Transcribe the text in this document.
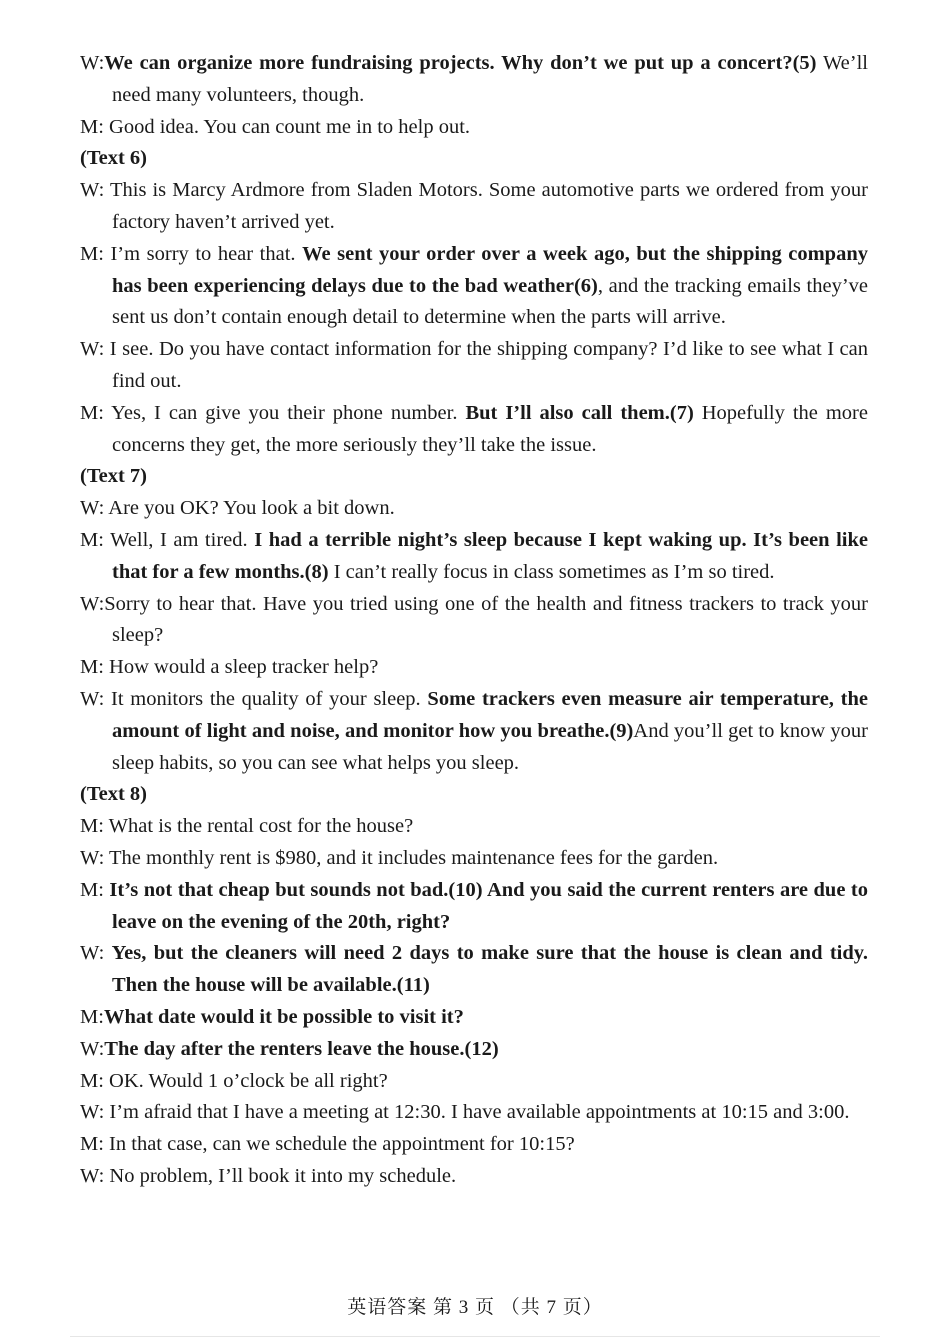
W:We can organize more fundraising projects. Why don’t we put up a concert?(5) We’ll need many volunteers, though.

M: Good idea. You can count me in to help out.

(Text 6)

W: This is Marcy Ardmore from Sladen Motors. Some automotive parts we ordered from your factory haven’t arrived yet.

M: I’m sorry to hear that. We sent your order over a week ago, but the shipping company has been experiencing delays due to the bad weather(6), and the tracking emails they’ve sent us don’t contain enough detail to determine when the parts will arrive.

W: I see. Do you have contact information for the shipping company? I’d like to see what I can find out.

M: Yes, I can give you their phone number. But I’ll also call them.(7) Hopefully the more concerns they get, the more seriously they’ll take the issue.

(Text 7)

W: Are you OK? You look a bit down.

M: Well, I am tired. I had a terrible night’s sleep because I kept waking up. It’s been like that for a few months.(8) I can’t really focus in class sometimes as I’m so tired.

W:Sorry to hear that. Have you tried using one of the health and fitness trackers to track your sleep?

M: How would a sleep tracker help?

W: It monitors the quality of your sleep. Some trackers even measure air temperature, the amount of light and noise, and monitor how you breathe.(9)And you’ll get to know your sleep habits, so you can see what helps you sleep.

(Text 8)

M: What is the rental cost for the house?

W: The monthly rent is $980, and it includes maintenance fees for the garden.

M: It’s not that cheap but sounds not bad.(10) And you said the current renters are due to leave on the evening of the 20th, right?

W: Yes, but the cleaners will need 2 days to make sure that the house is clean and tidy. Then the house will be available.(11)

M:What date would it be possible to visit it?

W:The day after the renters leave the house.(12)

M: OK. Would 1 o’clock be all right?

W: I’m afraid that I have a meeting at 12:30. I have available appointments at 10:15 and 3:00.

M: In that case, can we schedule the appointment for 10:15?

W: No problem, I’ll book it into my schedule.

英语答案 第 3 页 （共 7 页）
